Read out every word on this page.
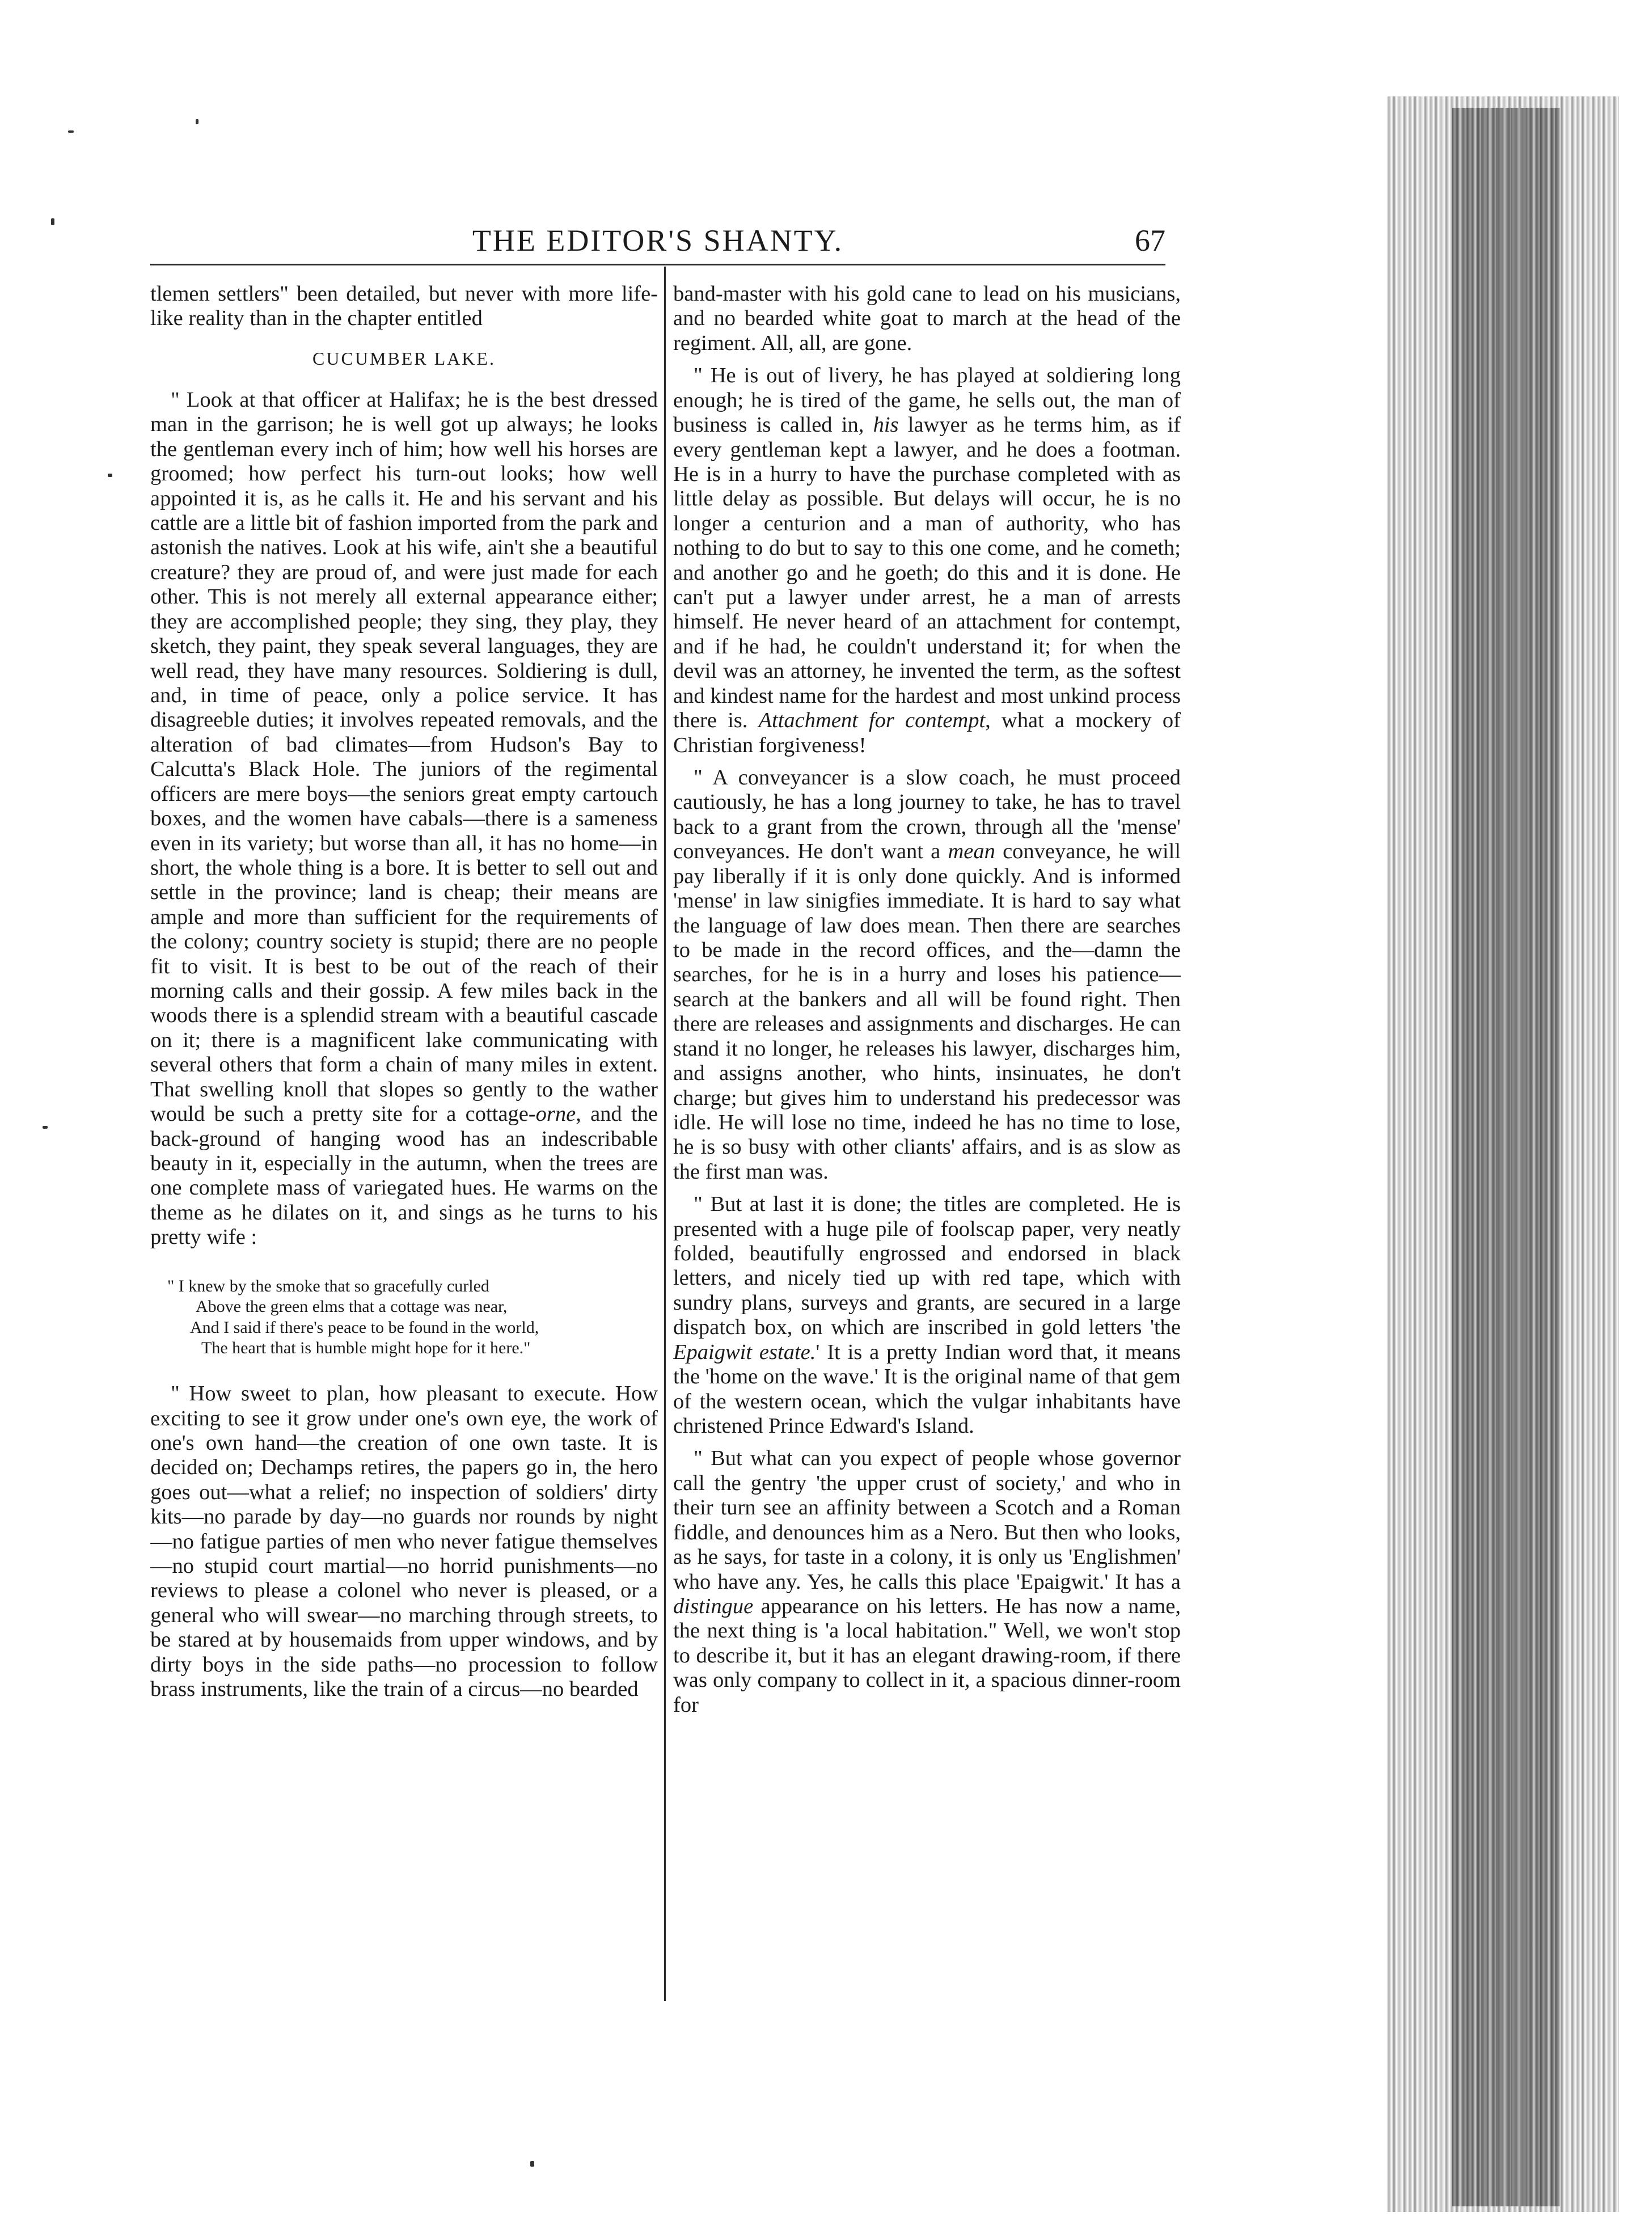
THE EDITOR'S SHANTY.	67

tlemen settlers" been detailed, but never with more life-like reality than in the chapter entitled

CUCUMBER LAKE.

" Look at that officer at Halifax; he is the best dressed man in the garrison; he is well got up always; he looks the gentleman every inch of him; how well his horses are groomed; how perfect his turn-out looks; how well appointed it is, as he calls it. He and his servant and his cattle are a little bit of fashion imported from the park and astonish the natives. Look at his wife, ain't she a beautiful creature? they are proud of, and were just made for each other. This is not merely all external appearance either; they are accomplished people; they sing, they play, they sketch, they paint, they speak several languages, they are well read, they have many resources. Soldiering is dull, and, in time of peace, only a police service. It has disagreeble duties; it involves repeated removals, and the alteration of bad climates—from Hudson's Bay to Calcutta's Black Hole. The juniors of the regimental officers are mere boys—the seniors great empty cartouch boxes, and the women have cabals—there is a sameness even in its variety; but worse than all, it has no home—in short, the whole thing is a bore. It is better to sell out and settle in the province; land is cheap; their means are ample and more than sufficient for the requirements of the colony; country society is stupid; there are no people fit to visit. It is best to be out of the reach of their morning calls and their gossip. A few miles back in the woods there is a splendid stream with a beautiful cascade on it; there is a magnificent lake communicating with several others that form a chain of many miles in extent. That swelling knoll that slopes so gently to the wather would be such a pretty site for a cottage-orne, and the back-ground of hanging wood has an indescribable beauty in it, especially in the autumn, when the trees are one complete mass of variegated hues. He warms on the theme as he dilates on it, and sings as he turns to his pretty wife :

" I knew by the smoke that so gracefully curled
Above the green elms that a cottage was near,
And I said if there's peace to be found in the world,
The heart that is humble might hope for it here."

" How sweet to plan, how pleasant to execute. How exciting to see it grow under one's own eye, the work of one's own hand—the creation of one own taste. It is decided on; Dechamps retires, the papers go in, the hero goes out—what a relief; no inspection of soldiers' dirty kits—no parade by day—no guards nor rounds by night—no fatigue parties of men who never fatigue themselves—no stupid court martial—no horrid punishments—no reviews to please a colonel who never is pleased, or a general who will swear—no marching through streets, to be stared at by housemaids from upper windows, and by dirty boys in the side paths—no procession to follow brass instruments, like the train of a circus—no bearded

band-master with his gold cane to lead on his musicians, and no bearded white goat to march at the head of the regiment. All, all, are gone.

" He is out of livery, he has played at soldiering long enough; he is tired of the game, he sells out, the man of business is called in, his lawyer as he terms him, as if every gentleman kept a lawyer, and he does a footman. He is in a hurry to have the purchase completed with as little delay as possible. But delays will occur, he is no longer a centurion and a man of authority, who has nothing to do but to say to this one come, and he cometh; and another go and he goeth; do this and it is done. He can't put a lawyer under arrest, he a man of arrests himself. He never heard of an attachment for contempt, and if he had, he couldn't understand it; for when the devil was an attorney, he invented the term, as the softest and kindest name for the hardest and most unkind process there is. Attachment for contempt, what a mockery of Christian forgiveness!

" A conveyancer is a slow coach, he must proceed cautiously, he has a long journey to take, he has to travel back to a grant from the crown, through all the 'mense' conveyances. He don't want a mean conveyance, he will pay liberally if it is only done quickly. And is informed 'mense' in law sinigfies immediate. It is hard to say what the language of law does mean. Then there are searches to be made in the record offices, and the—damn the searches, for he is in a hurry and loses his patience—search at the bankers and all will be found right. Then there are releases and assignments and discharges. He can stand it no longer, he releases his lawyer, discharges him, and assigns another, who hints, insinuates, he don't charge; but gives him to understand his predecessor was idle. He will lose no time, indeed he has no time to lose, he is so busy with other cliants' affairs, and is as slow as the first man was.

" But at last it is done; the titles are completed. He is presented with a huge pile of foolscap paper, very neatly folded, beautifully engrossed and endorsed in black letters, and nicely tied up with red tape, which with sundry plans, surveys and grants, are secured in a large dispatch box, on which are inscribed in gold letters 'the Epaigwit estate.' It is a pretty Indian word that, it means the 'home on the wave.' It is the original name of that gem of the western ocean, which the vulgar inhabitants have christened Prince Edward's Island.

" But what can you expect of people whose governor call the gentry 'the upper crust of society,' and who in their turn see an affinity between a Scotch and a Roman fiddle, and denounces him as a Nero. But then who looks, as he says, for taste in a colony, it is only us 'Englishmen' who have any. Yes, he calls this place 'Epaigwit.' It has a distingue appearance on his letters. He has now a name, the next thing is 'a local habitation." Well, we won't stop to describe it, but it has an elegant drawing-room, if there was only company to collect in it, a spacious dinner-room for
